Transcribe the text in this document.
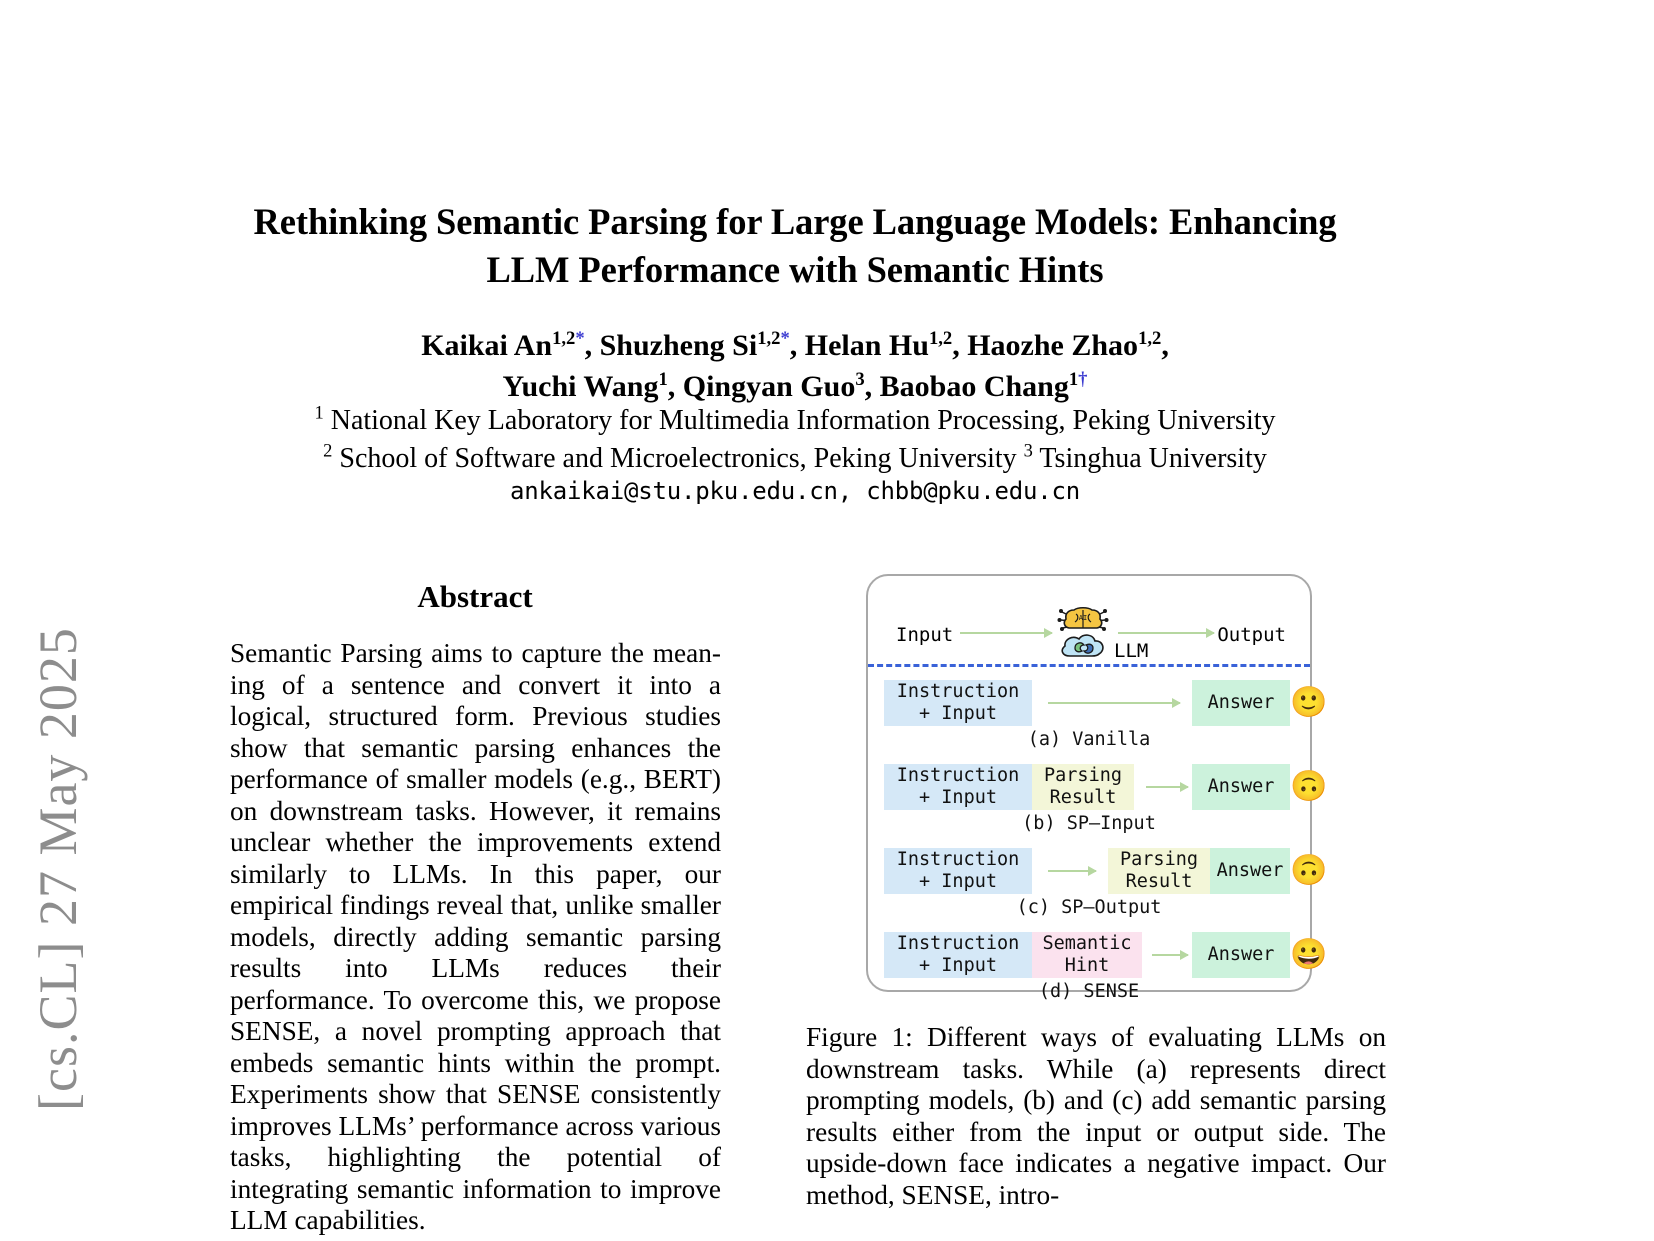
[cs.CL] 27 May 2025
Rethinking Semantic Parsing for Large Language Models: Enhancing
LLM Performance with Semantic Hints
Kaikai $An^{1,2*}$, Shuzheng $Si^{1,2*}$, Helan Hu$^{1,2}$, Haozhe Zhao$^{1,2}$,
Yuchi Wang$^1$, Qingyan Guo$^3$, Baobao Chang$^{1\dagger}$
$^1$ National Key Laboratory for Multimedia Information Processing, Peking University
$^2$ School of Software and Microelectronics, Peking University $^3$ Tsinghua University
ankaikai@stu.pku.edu.cn, chbb@pku.edu.cn
Abstract
Semantic Parsing aims to capture the meaning of a sentence and convert it into a logical, structured form. Previous studies show that semantic parsing enhances the performance of smaller models (e.g., BERT) on downstream tasks. However, it remains unclear whether the improvements extend similarly to LLMs. In this paper, our empirical findings reveal that, unlike smaller models, directly adding semantic parsing results into LLMs reduces their performance. To overcome this, we propose SENSE, a novel prompting approach that embeds semantic hints within the prompt. Experiments show that SENSE consistently improves LLMs’ performance across various tasks, highlighting the potential of integrating semantic information to improve LLM capabilities.
Input
AI
LLM
Output
Instruction
+ Input
Answer 🙂
(a) Vanilla
Instruction
+ Input
Parsing
Result
Answer 🙃
(b) SP–Input
Instruction
+ Input
Parsing
Result
Answer 🙃
(c) SP–Output
Instruction
+ Input
Semantic
Hint
Answer 😀
(d) SENSE
Figure 1: Different ways of evaluating LLMs on downstream tasks. While (a) represents direct prompting models, (b) and (c) add semantic parsing results either from the input or output side. The upside-down face indicates a negative impact. Our method, SENSE, intro-
